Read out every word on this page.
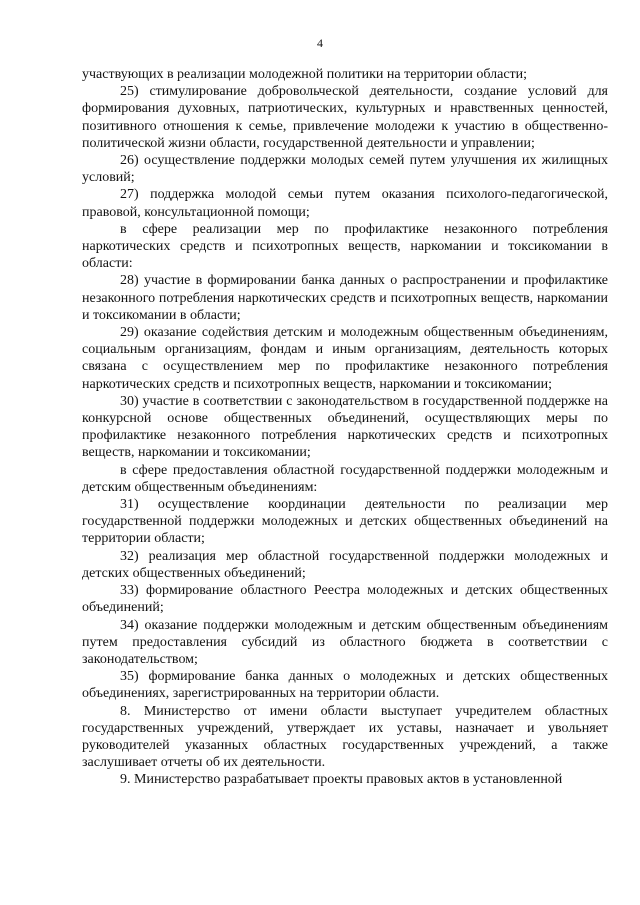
4

участвующих в реализации молодежной политики на территории области;

25) стимулирование добровольческой деятельности, создание условий для формирования духовных, патриотических, культурных и нравственных ценностей, позитивного отношения к семье, привлечение молодежи к участию в общественно-политической жизни области, государственной деятельности и управлении;

26) осуществление поддержки молодых семей путем улучшения их жилищных условий;

27) поддержка молодой семьи путем оказания психолого-педагогической, правовой, консультационной помощи;

в сфере реализации мер по профилактике незаконного потребления наркотических средств и психотропных веществ, наркомании и токсикомании в области:

28) участие в формировании банка данных о распространении и профилактике незаконного потребления наркотических средств и психотропных веществ, наркомании и токсикомании в области;

29) оказание содействия детским и молодежным общественным объединениям, социальным организациям, фондам и иным организациям, деятельность которых связана с осуществлением мер по профилактике незаконного потребления наркотических средств и психотропных веществ, наркомании и токсикомании;

30) участие в соответствии с законодательством в государственной поддержке на конкурсной основе общественных объединений, осуществляющих меры по профилактике незаконного потребления наркотических средств и психотропных веществ, наркомании и токсикомании;

в сфере предоставления областной государственной поддержки молодежным и детским общественным объединениям:

31) осуществление координации деятельности по реализации мер государственной поддержки молодежных и детских общественных объединений на территории области;

32) реализация мер областной государственной поддержки молодежных и детских общественных объединений;

33) формирование областного Реестра молодежных и детских общественных объединений;

34) оказание поддержки молодежным и детским общественным объединениям путем предоставления субсидий из областного бюджета в соответствии с законодательством;

35) формирование банка данных о молодежных и детских общественных объединениях, зарегистрированных на территории области.

8. Министерство от имени области выступает учредителем областных государственных учреждений, утверждает их уставы, назначает и увольняет руководителей указанных областных государственных учреждений, а также заслушивает отчеты об их деятельности.

9. Министерство разрабатывает проекты правовых актов в установленной
